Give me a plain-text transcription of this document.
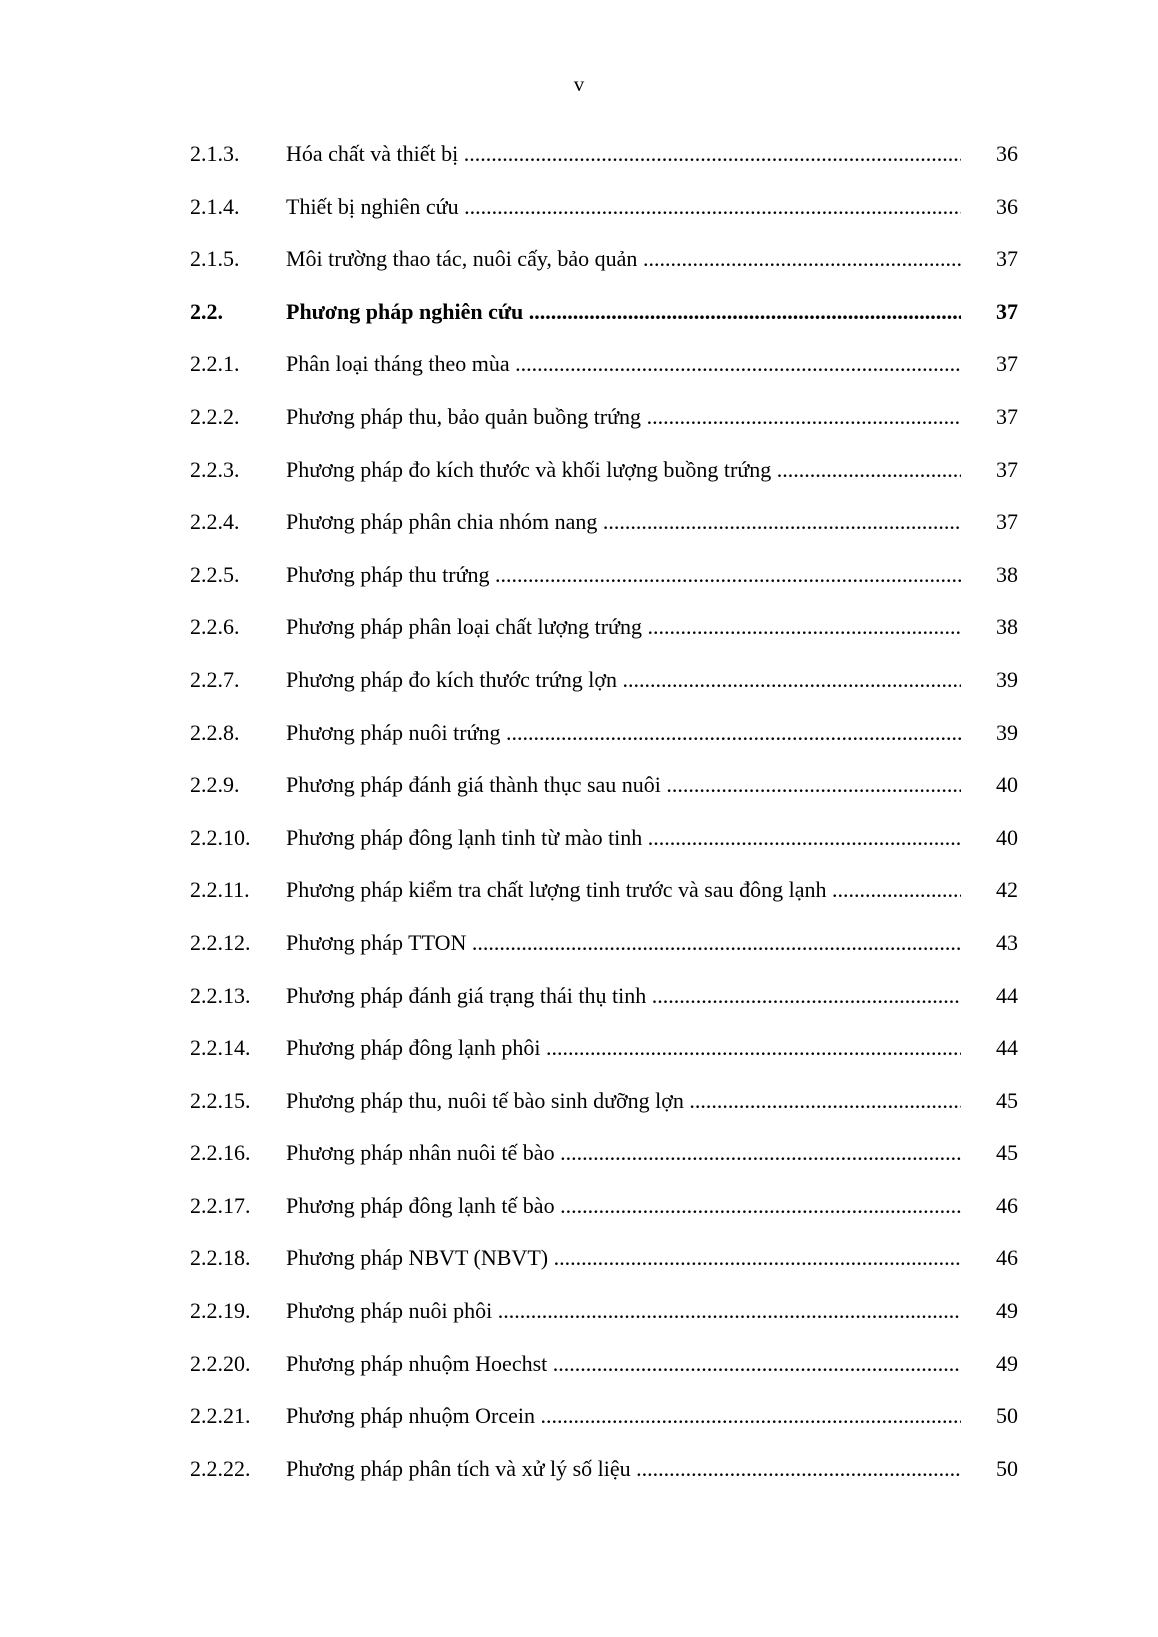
v
2.1.3. Hóa chất và thiết bị .....	36
2.1.4. Thiết bị nghiên cứu .....	36
2.1.5. Môi trường thao tác, nuôi cấy, bảo quản .....	37
2.2.	Phương pháp nghiên cứu .....	37
2.2.1. Phân loại tháng theo mùa .....	37
2.2.2. Phương pháp thu, bảo quản buồng trứng .....	37
2.2.3. Phương pháp đo kích thước và khối lượng buồng trứng .....	37
2.2.4. Phương pháp phân chia nhóm nang .....	37
2.2.5. Phương pháp thu trứng .....	38
2.2.6. Phương pháp phân loại chất lượng trứng .....	38
2.2.7. Phương pháp đo kích thước trứng lợn .....	39
2.2.8. Phương pháp nuôi trứng .....	39
2.2.9. Phương pháp đánh giá thành thục sau nuôi .....	40
2.2.10. Phương pháp đông lạnh tinh từ mào tinh .....	40
2.2.11. Phương pháp kiểm tra chất lượng tinh trước và sau đông lạnh .....	42
2.2.12. Phương pháp TTON .....	43
2.2.13. Phương pháp đánh giá trạng thái thụ tinh .....	44
2.2.14. Phương pháp đông lạnh phôi .....	44
2.2.15. Phương pháp thu, nuôi tế bào sinh dưỡng lợn .....	45
2.2.16. Phương pháp nhân nuôi tế bào .....	45
2.2.17. Phương pháp đông lạnh tế bào .....	46
2.2.18. Phương pháp NBVT (NBVT) .....	46
2.2.19. Phương pháp nuôi phôi .....	49
2.2.20. Phương pháp nhuộm Hoechst .....	49
2.2.21. Phương pháp nhuộm Orcein .....	50
2.2.22. Phương pháp phân tích và xử lý số liệu .....	50
